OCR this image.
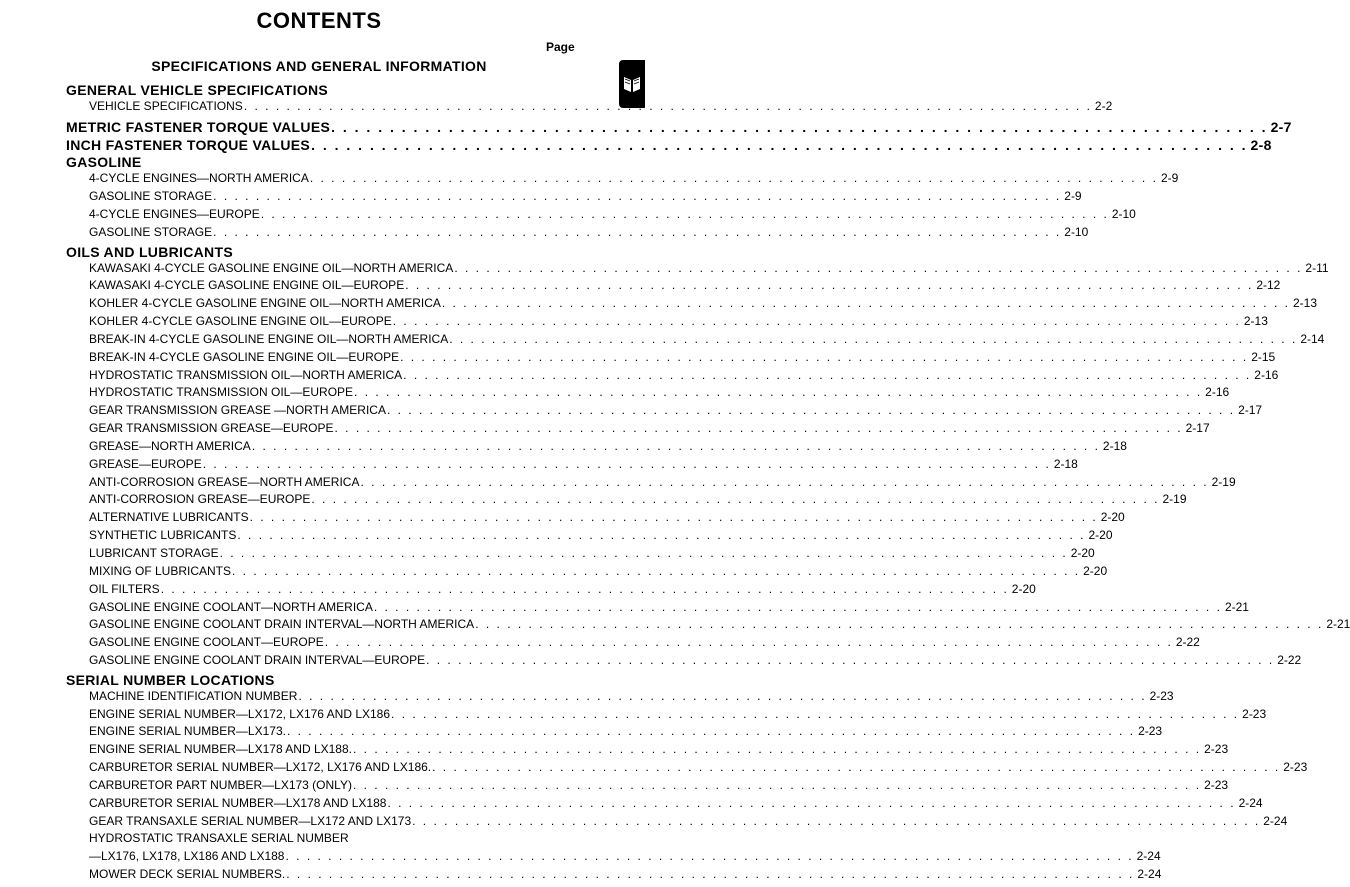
CONTENTS
Page
SPECIFICATIONS AND GENERAL INFORMATION
GENERAL VEHICLE SPECIFICATIONS
VEHICLE SPECIFICATIONS . . . . . . . . . . . . . . . . . . . . . . . . . . . . . . . . . . . . . . . . . . . . . . . . . . . . . . . . . . . . . . . . . . . . . . . . . . . . . . . . 2-2
METRIC FASTENER TORQUE VALUES . . . . . . . . . . . . . . . . . . . . . . . . . . . . . . . . . . . . . . . . . . . . . . . . . . . . . . . . . . . . . . . . . . . . . . . . . . . . . . . . 2-7
INCH FASTENER TORQUE VALUES . . . . . . . . . . . . . . . . . . . . . . . . . . . . . . . . . . . . . . . . . . . . . . . . . . . . . . . . . . . . . . . . . . . . . . . . . . . . . . . . 2-8
GASOLINE
4-CYCLE ENGINES—NORTH AMERICA . . . . . . . . . . . . . . . . . . . . . . . . . . . . . . . . . . . . . . . . . . . . . . . . . . . . . . . . . . . . . . . . . . . . . . . . . . . . . . . . 2-9
GASOLINE STORAGE . . . . . . . . . . . . . . . . . . . . . . . . . . . . . . . . . . . . . . . . . . . . . . . . . . . . . . . . . . . . . . . . . . . . . . . . . . . . . . . . 2-9
4-CYCLE ENGINES—EUROPE . . . . . . . . . . . . . . . . . . . . . . . . . . . . . . . . . . . . . . . . . . . . . . . . . . . . . . . . . . . . . . . . . . . . . . . . . . . . . . . . 2-10
GASOLINE STORAGE . . . . . . . . . . . . . . . . . . . . . . . . . . . . . . . . . . . . . . . . . . . . . . . . . . . . . . . . . . . . . . . . . . . . . . . . . . . . . . . . 2-10
OILS AND LUBRICANTS
KAWASAKI 4-CYCLE GASOLINE ENGINE OIL—NORTH AMERICA . . . . . . . . . . . . . . . . . . . . . . . . . . . . . . . . . . . . . . . . . . . . . . . . . . . . . . . . . . . . . . . . . . . . . . . . . . . . . . . . 2-11
KAWASAKI 4-CYCLE GASOLINE ENGINE OIL—EUROPE . . . . . . . . . . . . . . . . . . . . . . . . . . . . . . . . . . . . . . . . . . . . . . . . . . . . . . . . . . . . . . . . . . . . . . . . . . . . . . . . 2-12
KOHLER 4-CYCLE GASOLINE ENGINE OIL—NORTH AMERICA . . . . . . . . . . . . . . . . . . . . . . . . . . . . . . . . . . . . . . . . . . . . . . . . . . . . . . . . . . . . . . . . . . . . . . . . . . . . . . . . 2-13
KOHLER 4-CYCLE GASOLINE ENGINE OIL—EUROPE . . . . . . . . . . . . . . . . . . . . . . . . . . . . . . . . . . . . . . . . . . . . . . . . . . . . . . . . . . . . . . . . . . . . . . . . . . . . . . . . 2-13
BREAK-IN 4-CYCLE GASOLINE ENGINE OIL—NORTH AMERICA . . . . . . . . . . . . . . . . . . . . . . . . . . . . . . . . . . . . . . . . . . . . . . . . . . . . . . . . . . . . . . . . . . . . . . . . . . . . . . . . 2-14
BREAK-IN 4-CYCLE GASOLINE ENGINE OIL—EUROPE . . . . . . . . . . . . . . . . . . . . . . . . . . . . . . . . . . . . . . . . . . . . . . . . . . . . . . . . . . . . . . . . . . . . . . . . . . . . . . . . 2-15
HYDROSTATIC TRANSMISSION OIL—NORTH AMERICA . . . . . . . . . . . . . . . . . . . . . . . . . . . . . . . . . . . . . . . . . . . . . . . . . . . . . . . . . . . . . . . . . . . . . . . . . . . . . . . . 2-16
HYDROSTATIC TRANSMISSION OIL—EUROPE . . . . . . . . . . . . . . . . . . . . . . . . . . . . . . . . . . . . . . . . . . . . . . . . . . . . . . . . . . . . . . . . . . . . . . . . . . . . . . . . 2-16
GEAR TRANSMISSION GREASE —NORTH AMERICA . . . . . . . . . . . . . . . . . . . . . . . . . . . . . . . . . . . . . . . . . . . . . . . . . . . . . . . . . . . . . . . . . . . . . . . . . . . . . . . . 2-17
GEAR TRANSMISSION GREASE—EUROPE . . . . . . . . . . . . . . . . . . . . . . . . . . . . . . . . . . . . . . . . . . . . . . . . . . . . . . . . . . . . . . . . . . . . . . . . . . . . . . . . 2-17
GREASE—NORTH AMERICA . . . . . . . . . . . . . . . . . . . . . . . . . . . . . . . . . . . . . . . . . . . . . . . . . . . . . . . . . . . . . . . . . . . . . . . . . . . . . . . . 2-18
GREASE—EUROPE . . . . . . . . . . . . . . . . . . . . . . . . . . . . . . . . . . . . . . . . . . . . . . . . . . . . . . . . . . . . . . . . . . . . . . . . . . . . . . . . 2-18
ANTI-CORROSION GREASE—NORTH AMERICA . . . . . . . . . . . . . . . . . . . . . . . . . . . . . . . . . . . . . . . . . . . . . . . . . . . . . . . . . . . . . . . . . . . . . . . . . . . . . . . . 2-19
ANTI-CORROSION GREASE—EUROPE . . . . . . . . . . . . . . . . . . . . . . . . . . . . . . . . . . . . . . . . . . . . . . . . . . . . . . . . . . . . . . . . . . . . . . . . . . . . . . . . 2-19
ALTERNATIVE LUBRICANTS . . . . . . . . . . . . . . . . . . . . . . . . . . . . . . . . . . . . . . . . . . . . . . . . . . . . . . . . . . . . . . . . . . . . . . . . . . . . . . . . 2-20
SYNTHETIC LUBRICANTS . . . . . . . . . . . . . . . . . . . . . . . . . . . . . . . . . . . . . . . . . . . . . . . . . . . . . . . . . . . . . . . . . . . . . . . . . . . . . . . . 2-20
LUBRICANT STORAGE . . . . . . . . . . . . . . . . . . . . . . . . . . . . . . . . . . . . . . . . . . . . . . . . . . . . . . . . . . . . . . . . . . . . . . . . . . . . . . . . 2-20
MIXING OF LUBRICANTS . . . . . . . . . . . . . . . . . . . . . . . . . . . . . . . . . . . . . . . . . . . . . . . . . . . . . . . . . . . . . . . . . . . . . . . . . . . . . . . . 2-20
OIL FILTERS . . . . . . . . . . . . . . . . . . . . . . . . . . . . . . . . . . . . . . . . . . . . . . . . . . . . . . . . . . . . . . . . . . . . . . . . . . . . . . . . 2-20
GASOLINE ENGINE COOLANT—NORTH AMERICA . . . . . . . . . . . . . . . . . . . . . . . . . . . . . . . . . . . . . . . . . . . . . . . . . . . . . . . . . . . . . . . . . . . . . . . . . . . . . . . . 2-21
GASOLINE ENGINE COOLANT DRAIN INTERVAL—NORTH AMERICA . . . . . . . . . . . . . . . . . . . . . . . . . . . . . . . . . . . . . . . . . . . . . . . . . . . . . . . . . . . . . . . . . . . . . . . . . . . . . . . . 2-21
GASOLINE ENGINE COOLANT—EUROPE . . . . . . . . . . . . . . . . . . . . . . . . . . . . . . . . . . . . . . . . . . . . . . . . . . . . . . . . . . . . . . . . . . . . . . . . . . . . . . . . 2-22
GASOLINE ENGINE COOLANT DRAIN INTERVAL—EUROPE . . . . . . . . . . . . . . . . . . . . . . . . . . . . . . . . . . . . . . . . . . . . . . . . . . . . . . . . . . . . . . . . . . . . . . . . . . . . . . . . 2-22
SERIAL NUMBER LOCATIONS
MACHINE IDENTIFICATION NUMBER . . . . . . . . . . . . . . . . . . . . . . . . . . . . . . . . . . . . . . . . . . . . . . . . . . . . . . . . . . . . . . . . . . . . . . . . . . . . . . . . 2-23
ENGINE SERIAL NUMBER—LX172, LX176 AND LX186 . . . . . . . . . . . . . . . . . . . . . . . . . . . . . . . . . . . . . . . . . . . . . . . . . . . . . . . . . . . . . . . . . . . . . . . . . . . . . . . . 2-23
ENGINE SERIAL NUMBER—LX173. . . . . . . . . . . . . . . . . . . . . . . . . . . . . . . . . . . . . . . . . . . . . . . . . . . . . . . . . . . . . . . . . . . . . . . . . . . . . . . . . 2-23
ENGINE SERIAL NUMBER—LX178 AND LX188. . . . . . . . . . . . . . . . . . . . . . . . . . . . . . . . . . . . . . . . . . . . . . . . . . . . . . . . . . . . . . . . . . . . . . . . . . . . . . . . . 2-23
CARBURETOR SERIAL NUMBER—LX172, LX176 AND LX186. . . . . . . . . . . . . . . . . . . . . . . . . . . . . . . . . . . . . . . . . . . . . . . . . . . . . . . . . . . . . . . . . . . . . . . . . . . . . . . . . 2-23
CARBURETOR PART NUMBER—LX173 (ONLY) . . . . . . . . . . . . . . . . . . . . . . . . . . . . . . . . . . . . . . . . . . . . . . . . . . . . . . . . . . . . . . . . . . . . . . . . . . . . . . . . 2-23
CARBURETOR SERIAL NUMBER—LX178 AND LX188 . . . . . . . . . . . . . . . . . . . . . . . . . . . . . . . . . . . . . . . . . . . . . . . . . . . . . . . . . . . . . . . . . . . . . . . . . . . . . . . . 2-24
GEAR TRANSAXLE SERIAL NUMBER—LX172 AND LX173 . . . . . . . . . . . . . . . . . . . . . . . . . . . . . . . . . . . . . . . . . . . . . . . . . . . . . . . . . . . . . . . . . . . . . . . . . . . . . . . . 2-24
HYDROSTATIC TRANSAXLE SERIAL NUMBER
—LX176, LX178, LX186 AND LX188 . . . . . . . . . . . . . . . . . . . . . . . . . . . . . . . . . . . . . . . . . . . . . . . . . . . . . . . . . . . . . . . . . . . . . . . . . . . . . . . . 2-24
MOWER DECK SERIAL NUMBERS. . . . . . . . . . . . . . . . . . . . . . . . . . . . . . . . . . . . . . . . . . . . . . . . . . . . . . . . . . . . . . . . . . . . . . . . . . . . . . . . . 2-24
